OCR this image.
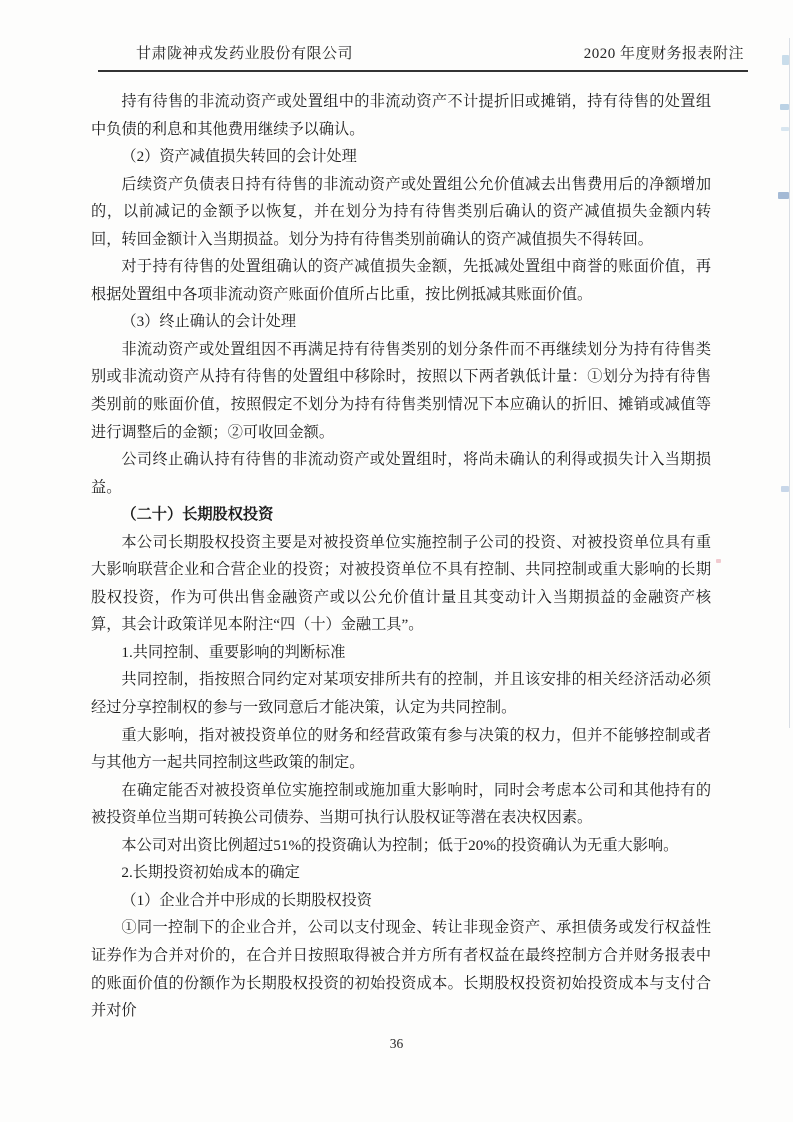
甘肃陇神戎发药业股份有限公司	2020 年度财务报表附注

持有待售的非流动资产或处置组中的非流动资产不计提折旧或摊销，持有待售的处置组中负债的利息和其他费用继续予以确认。

（2）资产减值损失转回的会计处理

后续资产负债表日持有待售的非流动资产或处置组公允价值减去出售费用后的净额增加的，以前减记的金额予以恢复，并在划分为持有待售类别后确认的资产减值损失金额内转回，转回金额计入当期损益。划分为持有待售类别前确认的资产减值损失不得转回。

对于持有待售的处置组确认的资产减值损失金额，先抵减处置组中商誉的账面价值，再根据处置组中各项非流动资产账面价值所占比重，按比例抵减其账面价值。

（3）终止确认的会计处理

非流动资产或处置组因不再满足持有待售类别的划分条件而不再继续划分为持有待售类别或非流动资产从持有待售的处置组中移除时，按照以下两者孰低计量：①划分为持有待售类别前的账面价值，按照假定不划分为持有待售类别情况下本应确认的折旧、摊销或减值等进行调整后的金额；②可收回金额。

公司终止确认持有待售的非流动资产或处置组时，将尚未确认的利得或损失计入当期损益。

（二十）长期股权投资

本公司长期股权投资主要是对被投资单位实施控制子公司的投资、对被投资单位具有重大影响联营企业和合营企业的投资；对被投资单位不具有控制、共同控制或重大影响的长期股权投资，作为可供出售金融资产或以公允价值计量且其变动计入当期损益的金融资产核算，其会计政策详见本附注“四（十）金融工具”。

1.共同控制、重要影响的判断标准

共同控制，指按照合同约定对某项安排所共有的控制，并且该安排的相关经济活动必须经过分享控制权的参与一致同意后才能决策，认定为共同控制。

重大影响，指对被投资单位的财务和经营政策有参与决策的权力，但并不能够控制或者与其他方一起共同控制这些政策的制定。

在确定能否对被投资单位实施控制或施加重大影响时，同时会考虑本公司和其他持有的被投资单位当期可转换公司债券、当期可执行认股权证等潜在表决权因素。

本公司对出资比例超过51%的投资确认为控制；低于20%的投资确认为无重大影响。

2.长期投资初始成本的确定

（1）企业合并中形成的长期股权投资

①同一控制下的企业合并，公司以支付现金、转让非现金资产、承担债务或发行权益性证券作为合并对价的，在合并日按照取得被合并方所有者权益在最终控制方合并财务报表中的账面价值的份额作为长期股权投资的初始投资成本。长期股权投资初始投资成本与支付合并对价

36
